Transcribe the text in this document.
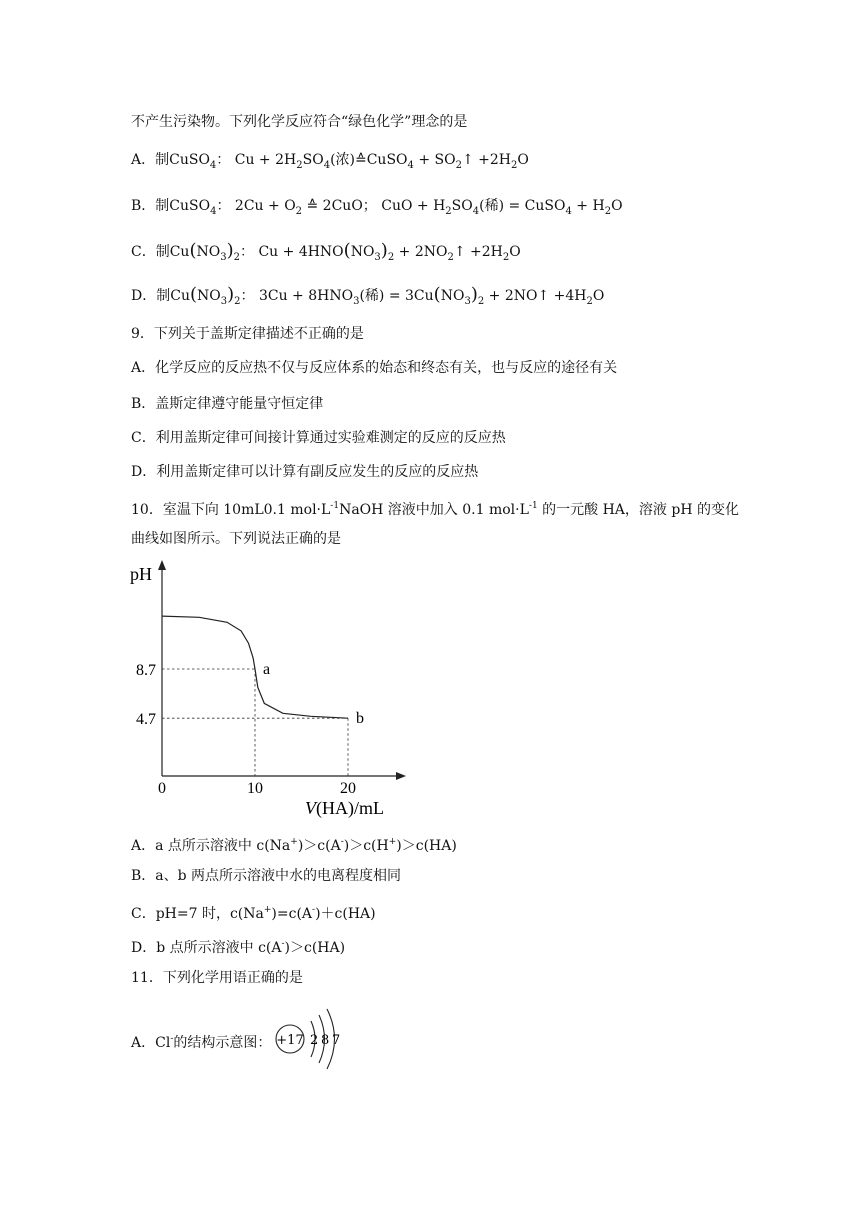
不产生污染物。下列化学反应符合“绿色化学”理念的是
A．制CuSO$_4$： $Cu + 2H_2SO_4$(浓)≙CuSO$_4$ + $SO_2↑ +2H_2O$
B．制CuSO$_4$： $2Cu + O_2$ ≙ 2CuO； CuO + $H_2SO_4$(稀) = CuSO$_4$ + $H_2O$
C．制$Cu(NO_3)_2$： $Cu + 4HNO(NO_3)_2$ + $2NO_2↑ +2H_2O$
D．制$Cu(NO_3)_2$： $3Cu + 8HNO_3$(稀) = $3Cu(NO_3)_2$ + 2NO↑ $+4H_2O$
9．下列关于盖斯定律描述不正确的是
A．化学反应的反应热不仅与反应体系的始态和终态有关，也与反应的途径有关
B．盖斯定律遵守能量守恒定律
C．利用盖斯定律可间接计算通过实验难测定的反应的反应热
D．利用盖斯定律可以计算有副反应发生的反应的反应热
10．室温下向 10mL0.1 $mol\cdot L^{-1}NaOH$ 溶液中加入 0.1 $mol\cdot L^{-1}$ 的一元酸 HA，溶液 pH 的变化
曲线如图所示。下列说法正确的是
a
b
8.7
4.7
0	10	20
pH
V(HA)/mL
A．a 点所示溶液中 c(Na+)＞c(A-)＞c(H+)＞c(HA)
B．a、b 两点所示溶液中水的电离程度相同
C．pH=7 时，c(Na+)=c(A-)＋c(HA)
D．b 点所示溶液中 c(A-)＞c(HA)
11．下列化学用语正确的是
A．Cl-的结构示意图： +17 2 8 7
